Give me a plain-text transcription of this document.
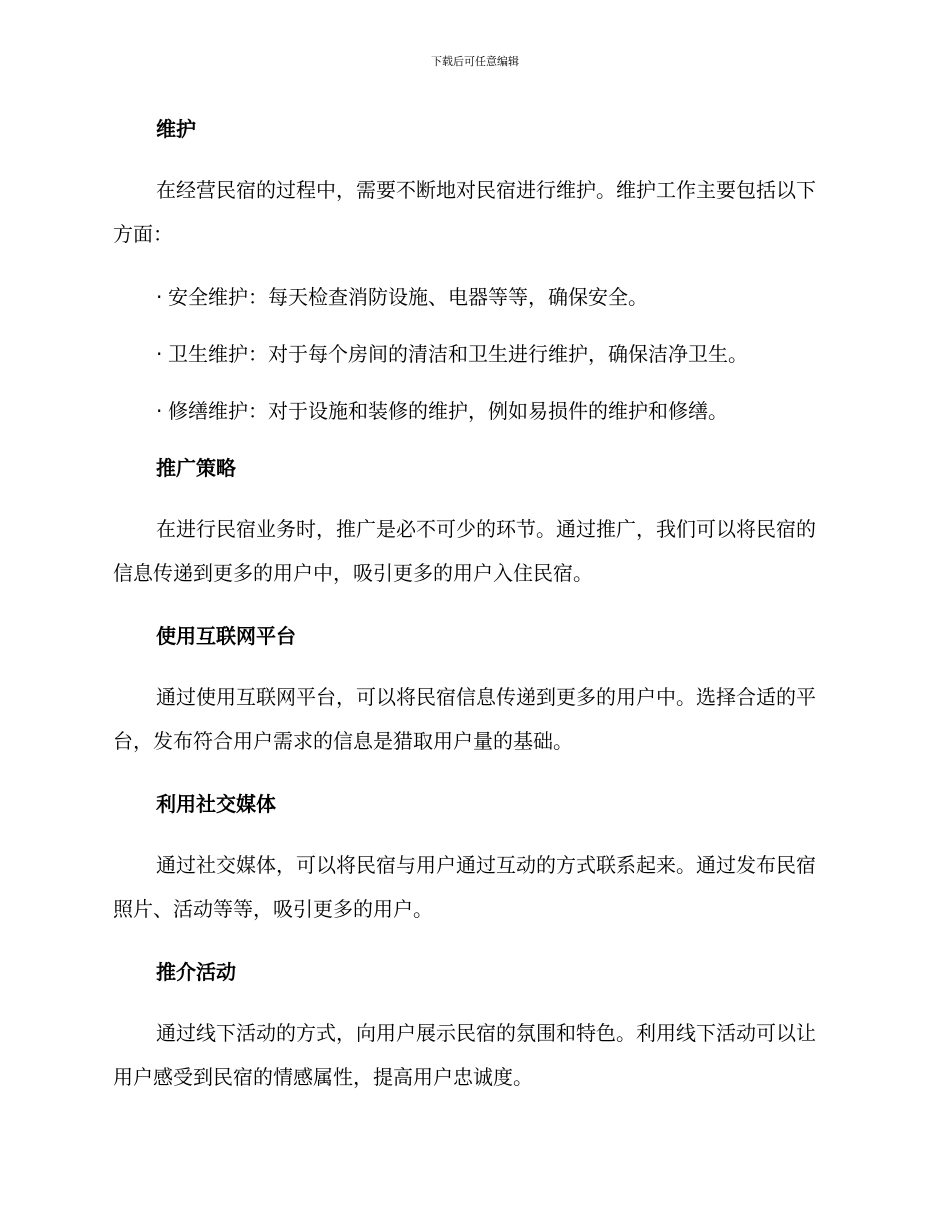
下载后可任意编辑
维护

在经营民宿的过程中，需要不断地对民宿进行维护。维护工作主要包括以下方面：

· 安全维护：每天检查消防设施、电器等等，确保安全。
· 卫生维护：对于每个房间的清洁和卫生进行维护，确保洁净卫生。
· 修缮维护：对于设施和装修的维护，例如易损件的维护和修缮。
推广策略

在进行民宿业务时，推广是必不可少的环节。通过推广，我们可以将民宿的信息传递到更多的用户中，吸引更多的用户入住民宿。

使用互联网平台

通过使用互联网平台，可以将民宿信息传递到更多的用户中。选择合适的平台，发布符合用户需求的信息是猎取用户量的基础。

利用社交媒体

通过社交媒体，可以将民宿与用户通过互动的方式联系起来。通过发布民宿照片、活动等等，吸引更多的用户。

推介活动

通过线下活动的方式，向用户展示民宿的氛围和特色。利用线下活动可以让用户感受到民宿的情感属性，提高用户忠诚度。
